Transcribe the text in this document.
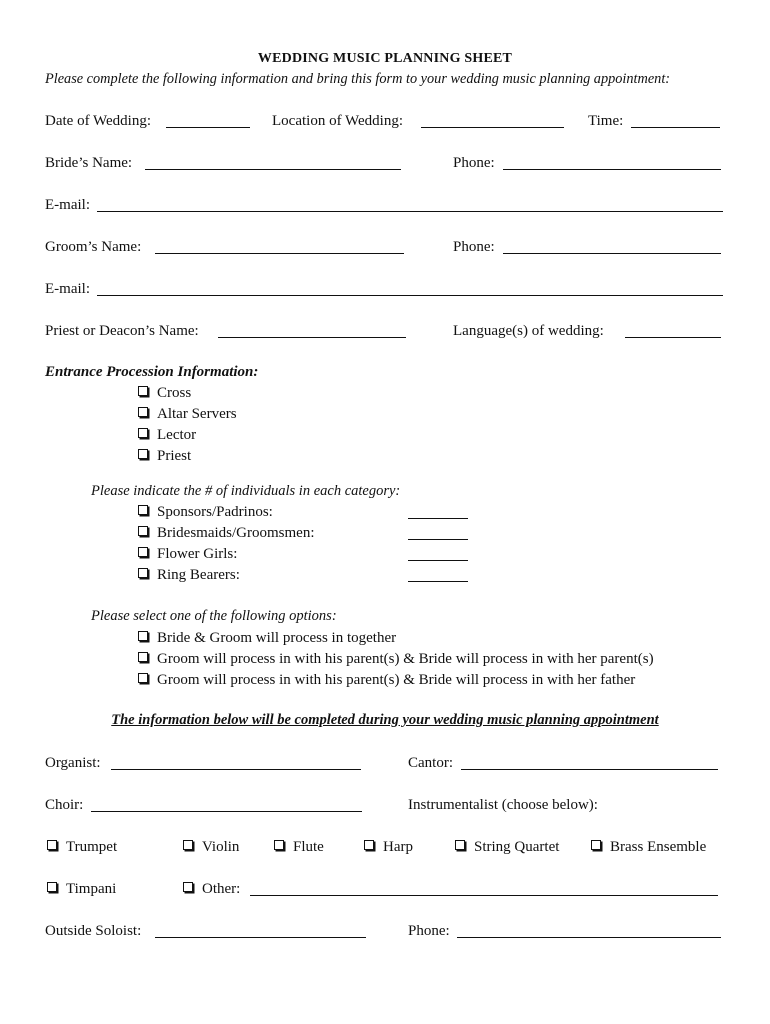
WEDDING MUSIC PLANNING SHEET
Please complete the following information and bring this form to your wedding music planning appointment:
Date of Wedding:	Location of Wedding:	Time:
Bride’s Name:	Phone:
E-mail:
Groom’s Name:	Phone:
E-mail:
Priest or Deacon’s Name:	Language(s) of wedding:
Entrance Procession Information:
Cross
Altar Servers
Lector
Priest
Please indicate the # of individuals in each category:
Sponsors/Padrinos:
Bridesmaids/Groomsmen:
Flower Girls:
Ring Bearers:
Please select one of the following options:
Bride & Groom will process in together
Groom will process in with his parent(s) & Bride will process in with her parent(s)
Groom will process in with his parent(s) & Bride will process in with her father
The information below will be completed during your wedding music planning appointment
Organist:	Cantor:
Choir:	Instrumentalist (choose below):
Trumpet	Violin	Flute	Harp	String Quartet	Brass Ensemble
Timpani	Other:
Outside Soloist:	Phone:
